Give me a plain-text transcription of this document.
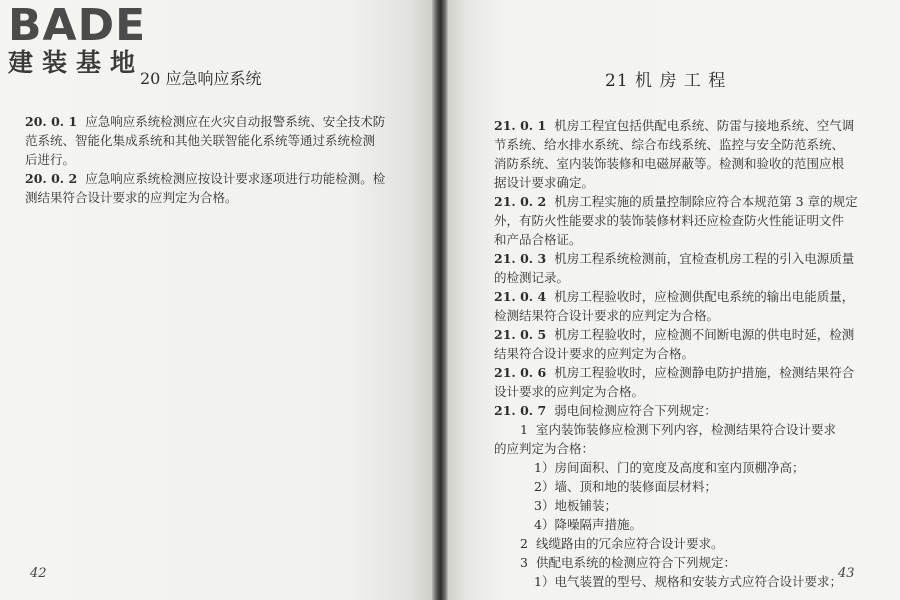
BADE

建装基地

20 应急响应系统
20. 0. 1 应急响应系统检测应在火灾自动报警系统、安全技术防
范系统、智能化集成系统和其他关联智能化系统等通过系统检测
后进行。
20. 0. 2 应急响应系统检测应按设计要求逐项进行功能检测。检
测结果符合设计要求的应判定为合格。
42
21 机 房 工 程
21. 0. 1 机房工程宜包括供配电系统、防雷与接地系统、空气调
节系统、给水排水系统、综合布线系统、监控与安全防范系统、
消防系统、室内装饰装修和电磁屏蔽等。检测和验收的范围应根
据设计要求确定。
21. 0. 2 机房工程实施的质量控制除应符合本规范第 3 章的规定
外，有防火性能要求的装饰装修材料还应检查防火性能证明文件
和产品合格证。
21. 0. 3 机房工程系统检测前，宜检查机房工程的引入电源质量
的检测记录。
21. 0. 4 机房工程验收时，应检测供配电系统的输出电能质量，
检测结果符合设计要求的应判定为合格。
21. 0. 5 机房工程验收时，应检测不间断电源的供电时延，检测
结果符合设计要求的应判定为合格。
21. 0. 6 机房工程验收时，应检测静电防护措施，检测结果符合
设计要求的应判定为合格。
21. 0. 7 弱电间检测应符合下列规定：
1 室内装饰装修应检测下列内容，检测结果符合设计要求
的应判定为合格：
1）房间面积、门的宽度及高度和室内顶棚净高；
2）墙、顶和地的装修面层材料；
3）地板铺装；
4）降噪隔声措施。
2 线缆路由的冗余应符合设计要求。
3 供配电系统的检测应符合下列规定：
1）电气装置的型号、规格和安装方式应符合设计要求；
43
